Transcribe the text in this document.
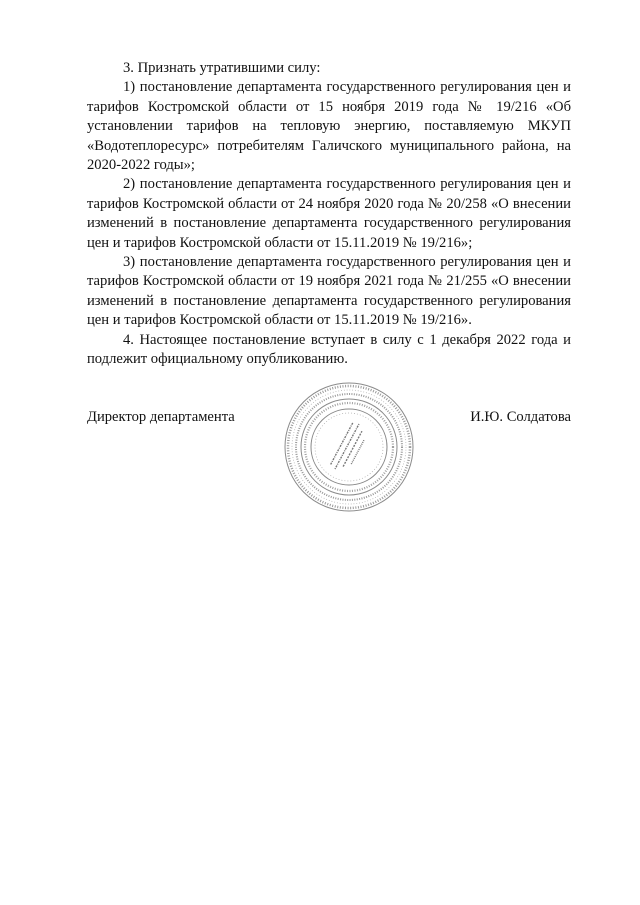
3. Признать утратившими силу:

1) постановление департамента государственного регулирования цен и тарифов Костромской области от 15 ноября 2019 года № 19/216 «Об установлении тарифов на тепловую энергию, поставляемую МКУП «Водотеплоресурс» потребителям Галичского муниципального района, на 2020-2022 годы»;

2) постановление департамента государственного регулирования цен и тарифов Костромской области от 24 ноября 2020 года № 20/258 «О внесении изменений в постановление департамента государственного регулирования цен и тарифов Костромской области от 15.11.2019 № 19/216»;

3) постановление департамента государственного регулирования цен и тарифов Костромской области от 19 ноября 2021 года № 21/255 «О внесении изменений в постановление департамента государственного регулирования цен и тарифов Костромской области от 15.11.2019 № 19/216».

4. Настоящее постановление вступает в силу с 1 декабря 2022 года и подлежит официальному опубликованию.

Директор департамента	И.Ю. Солдатова
